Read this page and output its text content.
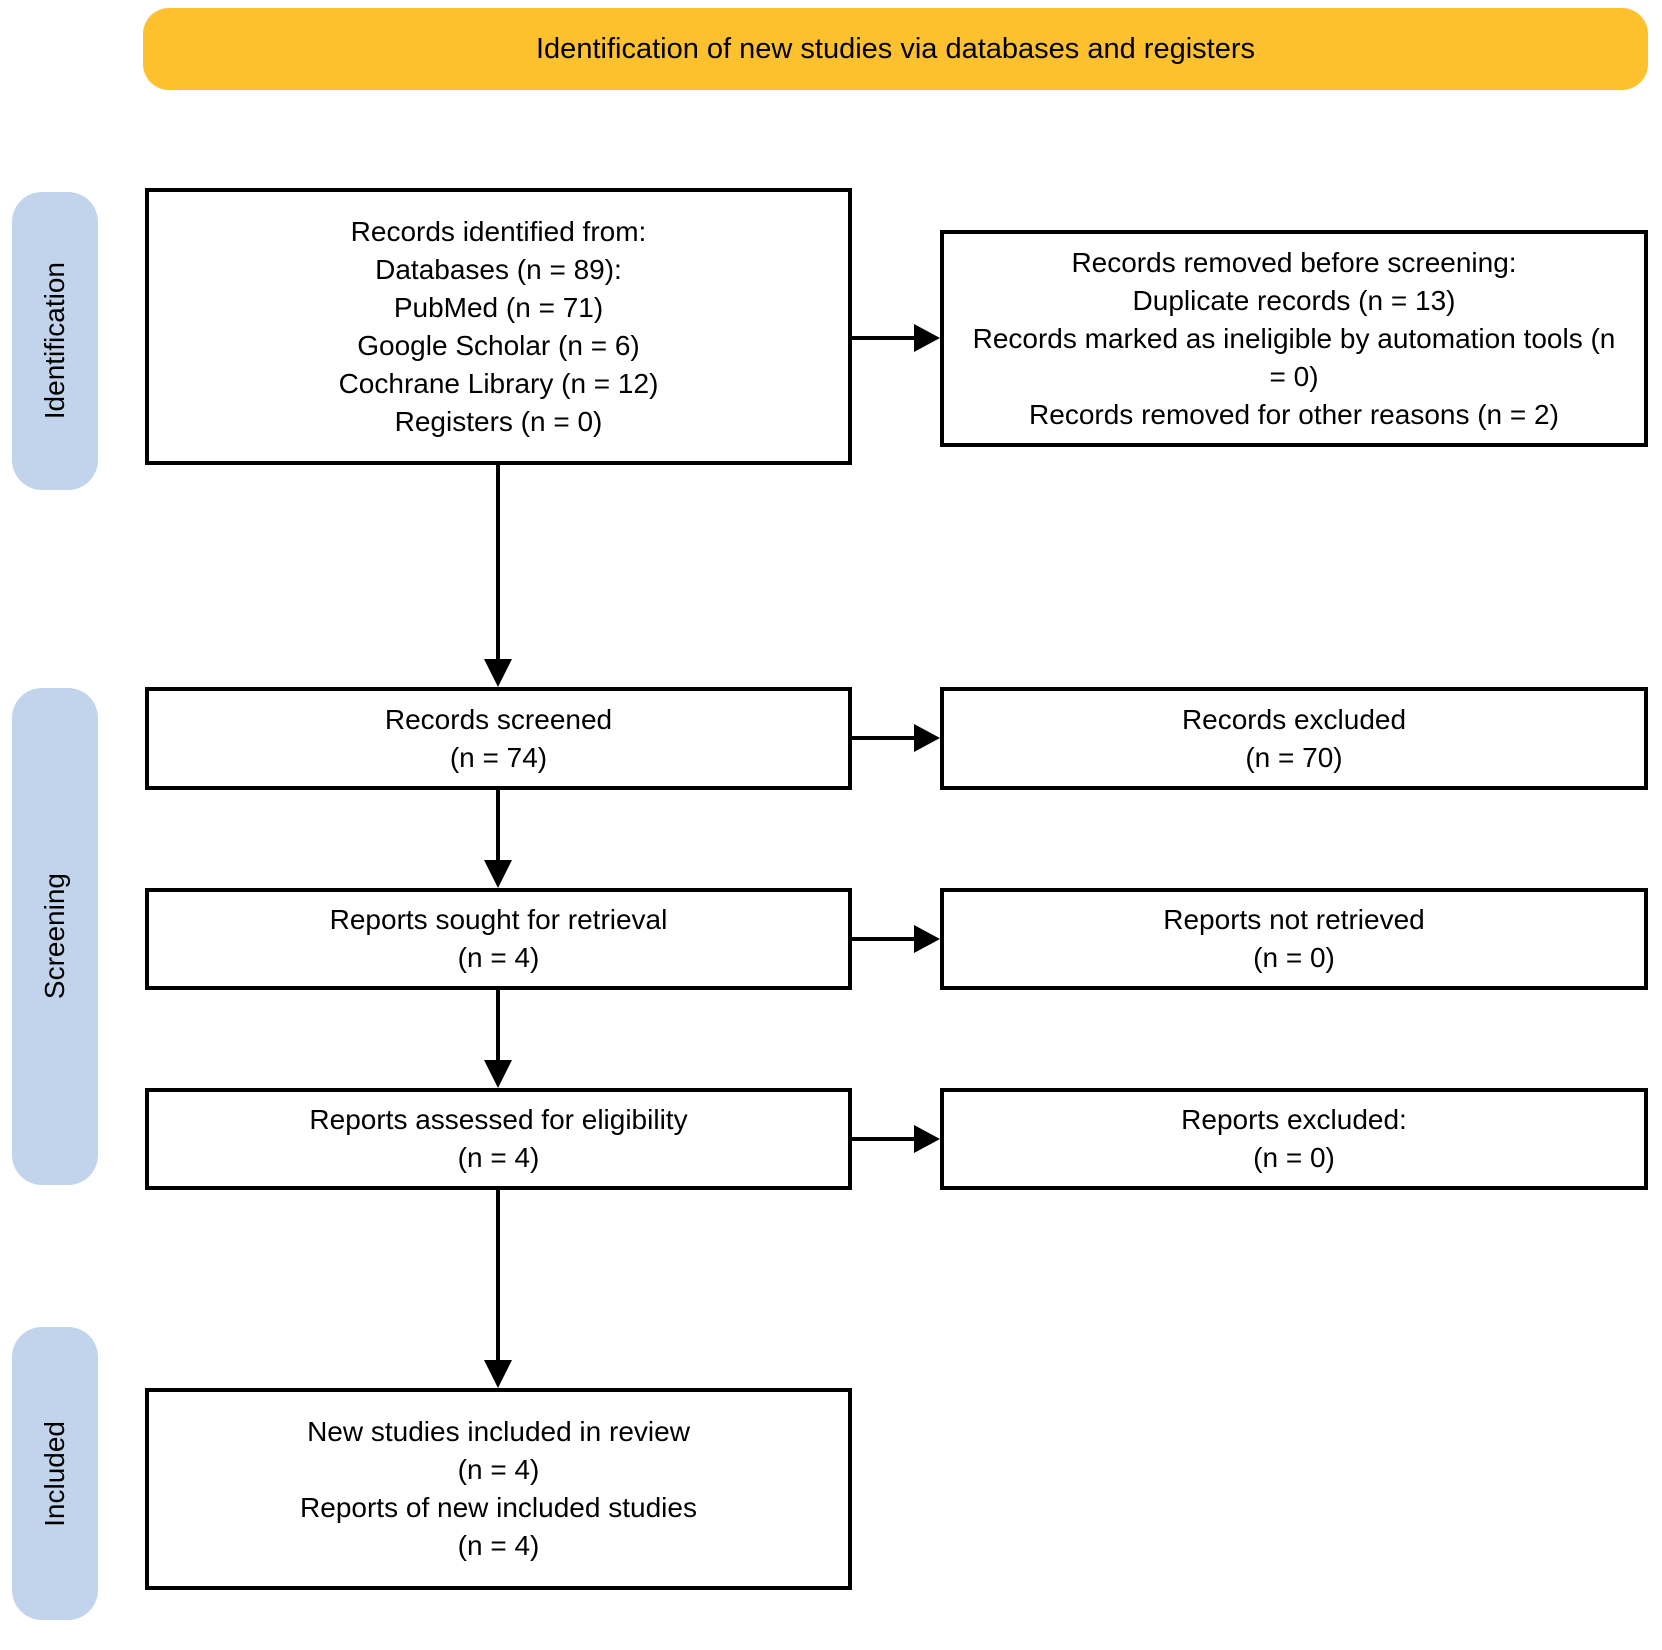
Identification of new studies via databases and registers
Identification
Screening
Included
Records identified from:
Databases (n = 89):
PubMed (n = 71)
Google Scholar (n = 6)
Cochrane Library (n = 12)
Registers (n = 0)
Records removed before screening:
Duplicate records (n = 13)
Records marked as ineligible by automation tools (n = 0)
Records removed for other reasons (n = 2)
Records screened
(n = 74)
Records excluded
(n = 70)
Reports sought for retrieval
(n = 4)
Reports not retrieved
(n = 0)
Reports assessed for eligibility
(n = 4)
Reports excluded:
(n = 0)
New studies included in review
(n = 4)
Reports of new included studies
(n = 4)
